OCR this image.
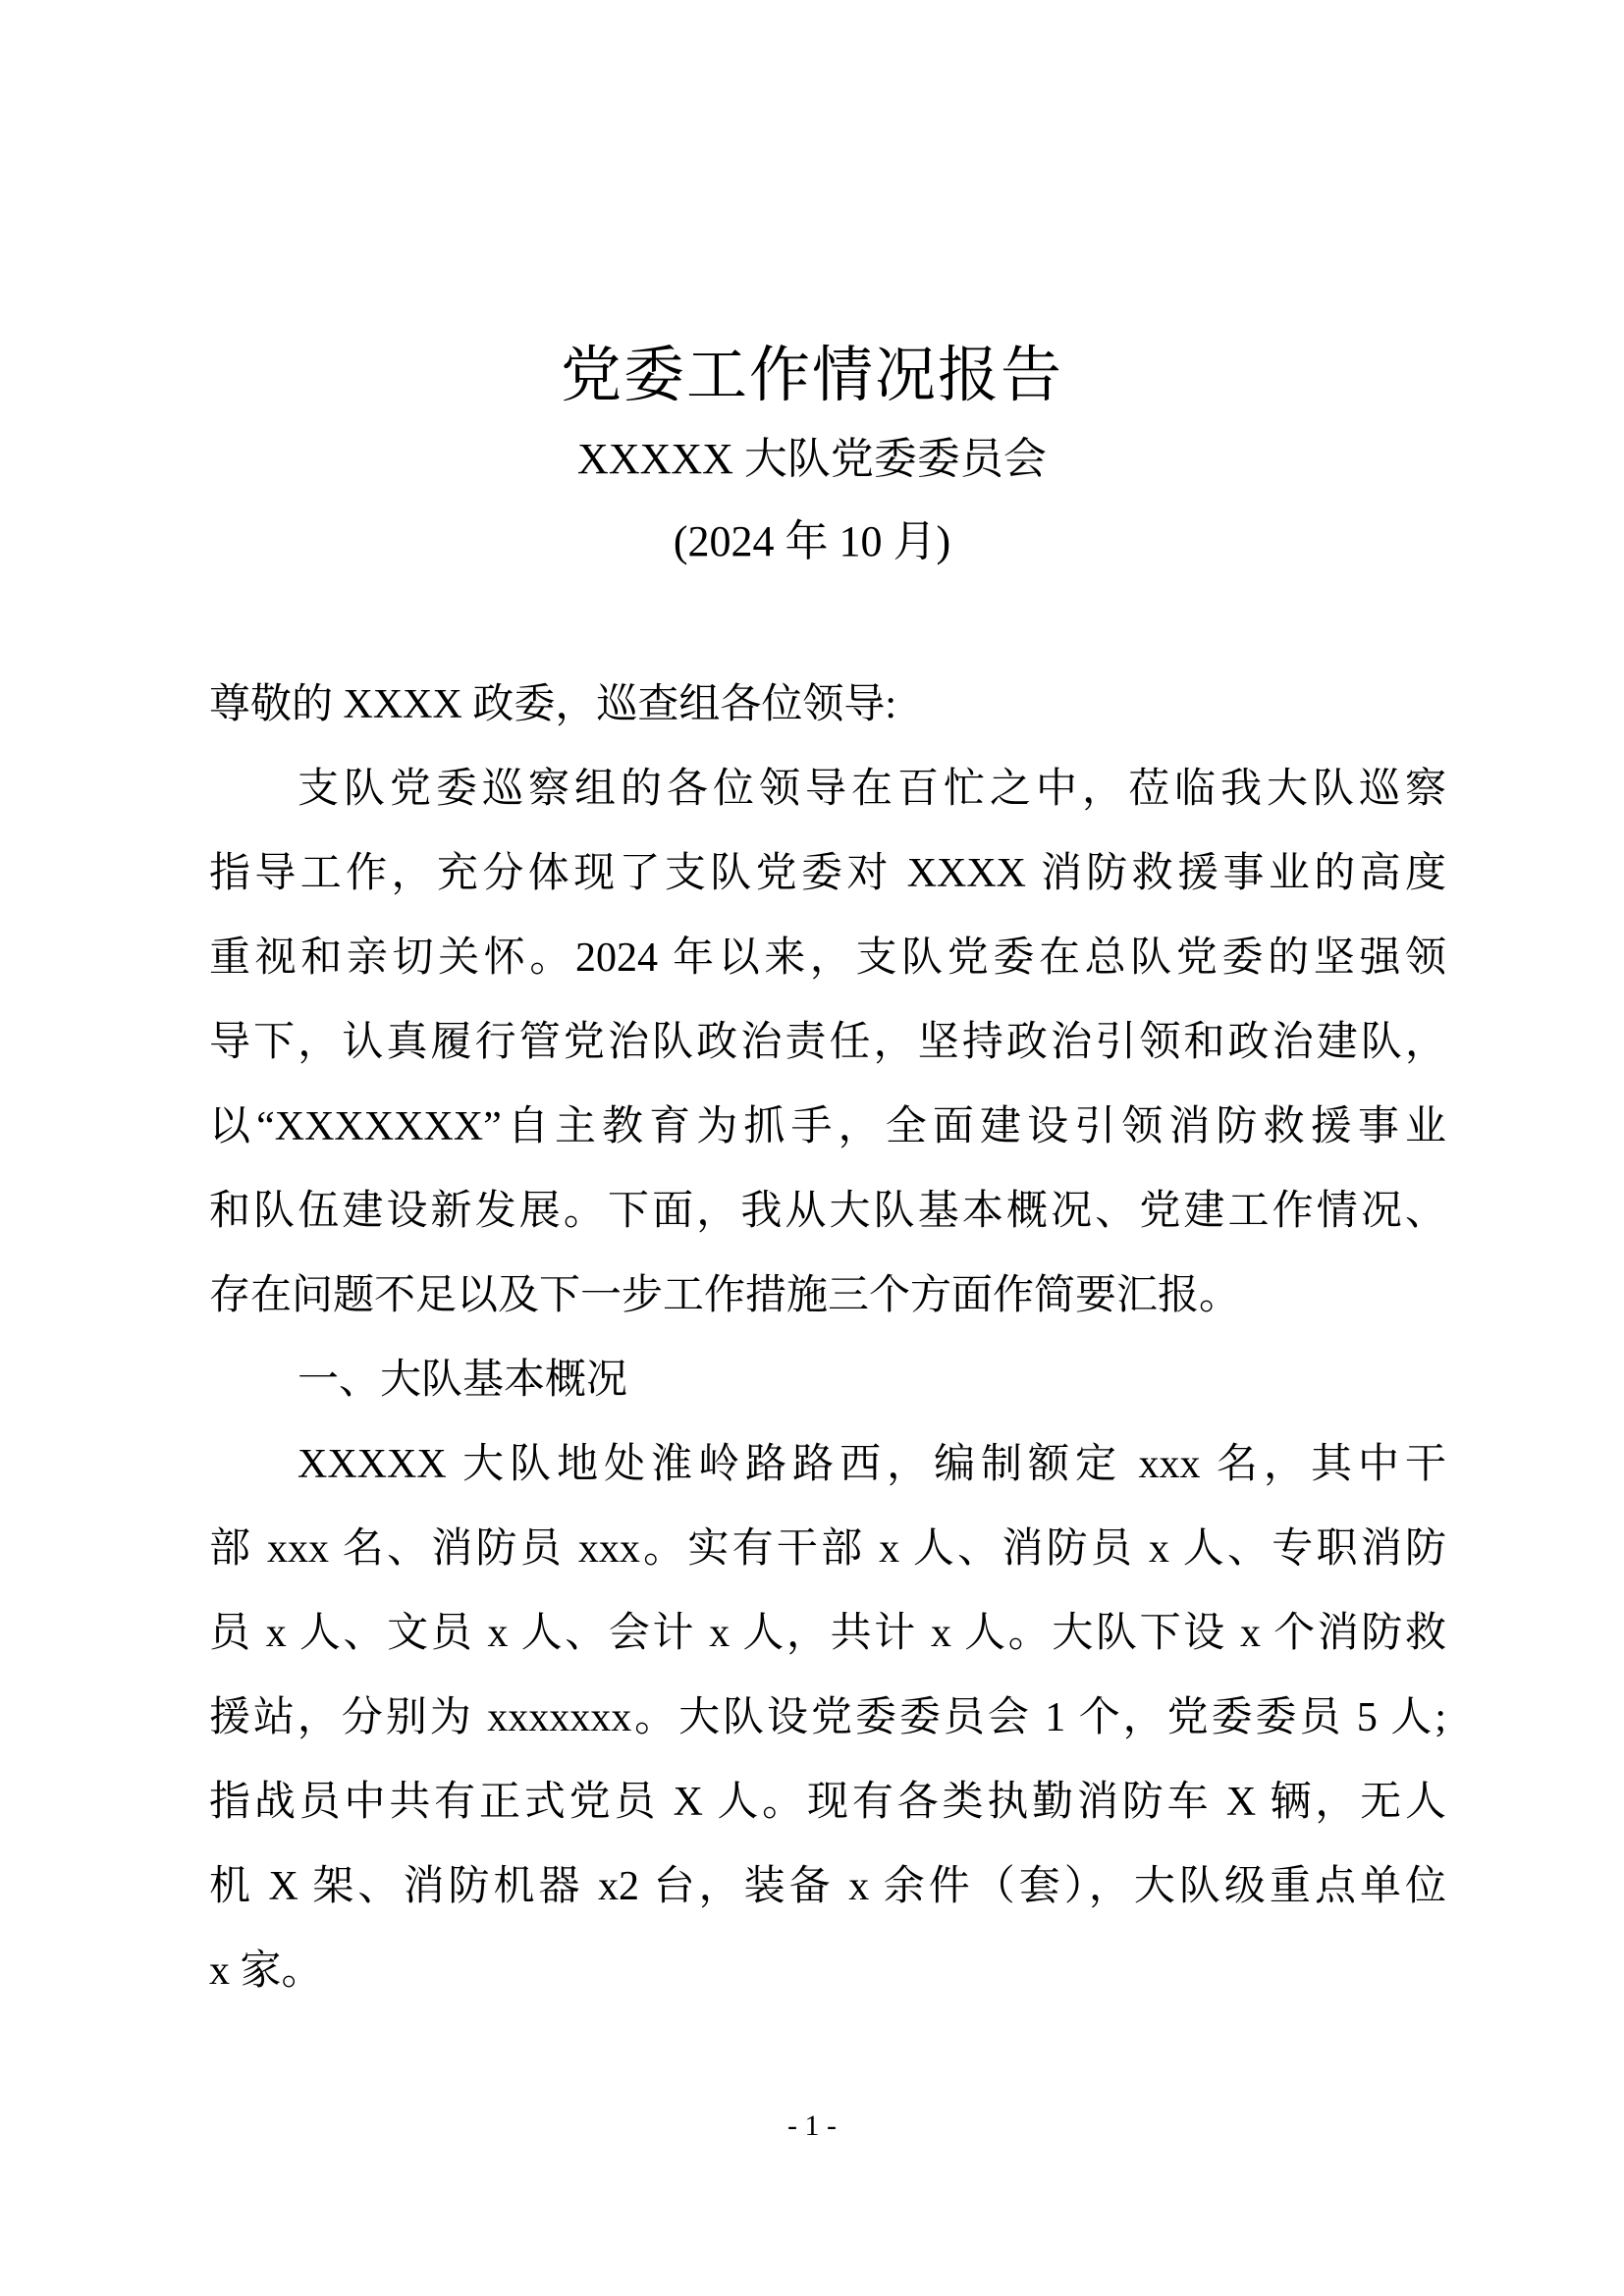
党委工作情况报告
XXXXX 大队党委委员会
(2024 年 10 月)
尊敬的 XXXX 政委，巡查组各位领导:
支队党委巡察组的各位领导在百忙之中，莅临我大队巡察
指导工作，充分体现了支队党委对 XXXX 消防救援事业的高度
重视和亲切关怀。2024 年以来，支队党委在总队党委的坚强领
导下，认真履行管党治队政治责任，坚持政治引领和政治建队，
以“XXXXXXX”自主教育为抓手，全面建设引领消防救援事业
和队伍建设新发展。下面，我从大队基本概况、党建工作情况、
存在问题不足以及下一步工作措施三个方面作简要汇报。
一、大队基本概况
XXXXX 大队地处淮岭路路西，编制额定 xxx 名，其中干
部 xxx 名、消防员 xxx。实有干部 x 人、消防员 x 人、专职消防
员 x 人、文员 x 人、会计 x 人，共计 x 人。大队下设 x 个消防救
援站，分别为 xxxxxxx。大队设党委委员会 1 个，党委委员 5 人;
指战员中共有正式党员 X 人。现有各类执勤消防车 X 辆，无人
机 X 架、消防机器 x2 台，装备 x 余件（套），大队级重点单位
x 家。
- 1 -
